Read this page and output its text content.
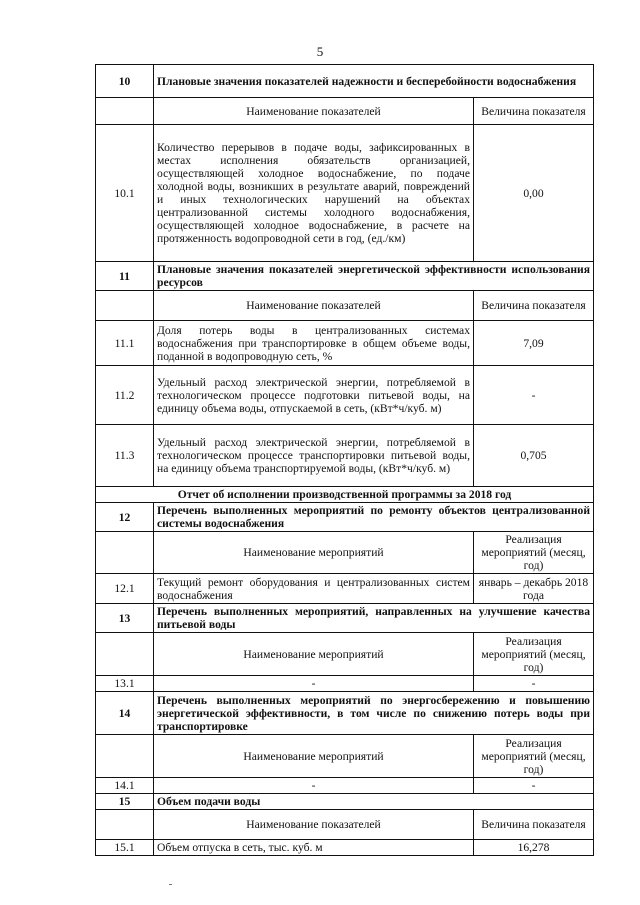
5
10	Плановые значения показателей надежности и бесперебойности водоснабжения	
	Наименование показателей	Величина показателя
10.1	Количество перерывов в подаче воды, зафиксированных в местах исполнения обязательств организацией, осуществляющей холодное водоснабжение, по подаче холодной воды, возникших в результате аварий, повреждений и иных технологических нарушений на объектах централизованной системы холодного водоснабжения, осуществляющей холодное водоснабжение, в расчете на протяженность водопроводной сети в год, (ед./км)	0,00
11	Плановые значения показателей энергетической эффективности использования ресурсов	
	Наименование показателей	Величина показателя
11.1	Доля потерь воды в централизованных системах водоснабжения при транспортировке в общем объеме воды, поданной в водопроводную сеть, %	7,09
11.2	Удельный расход электрической энергии, потребляемой в технологическом процессе подготовки питьевой воды, на единицу объема воды, отпускаемой в сеть, (кВт*ч/куб. м)	-
11.3	Удельный расход электрической энергии, потребляемой в технологическом процессе транспортировки питьевой воды, на единицу объема транспортируемой воды, (кВт*ч/куб. м)	0,705
Отчет об исполнении производственной программы за 2018 год		
12	Перечень выполненных мероприятий по ремонту объектов централизованной системы водоснабжения	
	Наименование мероприятий	Реализация мероприятий (месяц, год)
12.1	Текущий ремонт оборудования и централизованных систем водоснабжения	январь – декабрь 2018 года
13	Перечень выполненных мероприятий, направленных на улучшение качества питьевой воды	
	Наименование мероприятий	Реализация мероприятий (месяц, год)
13.1	-	-
14	Перечень выполненных мероприятий по энергосбережению и повышению энергетической эффективности, в том числе по снижению потерь воды при транспортировке	
	Наименование мероприятий	Реализация мероприятий (месяц, год)
14.1	-	-
15	Объем подачи воды	
	Наименование показателей	Величина показателя
15.1	Объем отпуска в сеть, тыс. куб. м	16,278
